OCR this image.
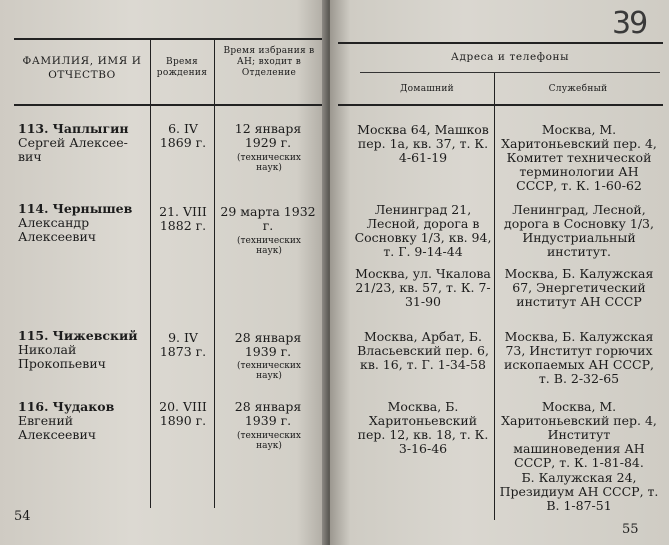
ФАМИЛИЯ, ИМЯ И ОТЧЕСТВО
Время рождения
Время избрания в АН; входит в Отделение
113. Чаплыгин Сергей Алексее-вич
6. IV 1869 г.
12 января 1929 г.
(технических наук)
114. Чернышев Александр Алексеевич
21. VIII 1882 г.
29 марта 1932 г.
(технических наук)
115. Чижевский Николай Прокопьевич
9. IV 1873 г.
28 января 1939 г.
(технических наук)
116. Чудаков Евгений Алексеевич
20. VIII 1890 г.
28 января 1939 г.
(технических наук)
54
39
Адреса и телефоны
Домашний	Служебный
Москва 64, Машков пер. 1а, кв. 37, т. К. 4-61-19
Москва, М. Харитоньевский пер. 4, Комитет технической терминологии АН СССР, т. К. 1-60-62
Ленинград 21, Лесной, дорога в Сосновку 1/3, кв. 94, т. Г. 9-14-44
Ленинград, Лесной, дорога в Сосновку 1/3, Индустриальный институт.
Москва, ул. Чкалова 21/23, кв. 57, т. К. 7-31-90
Москва, Б. Калужская 67, Энергетический институт АН СССР
Москва, Арбат, Б. Власьевский пер. 6, кв. 16, т. Г. 1-34-58
Москва, Б. Калужская 73, Институт горючих ископаемых АН СССР, т. В. 2-32-65
Москва, Б. Харитоньевский пер. 12, кв. 18, т. К. 3-16-46
Москва, М. Харитоньевский пер. 4, Институт машиноведения АН СССР, т. К. 1-81-84.
Б. Калужская 24, Президиум АН СССР, т. В. 1-87-51
55
